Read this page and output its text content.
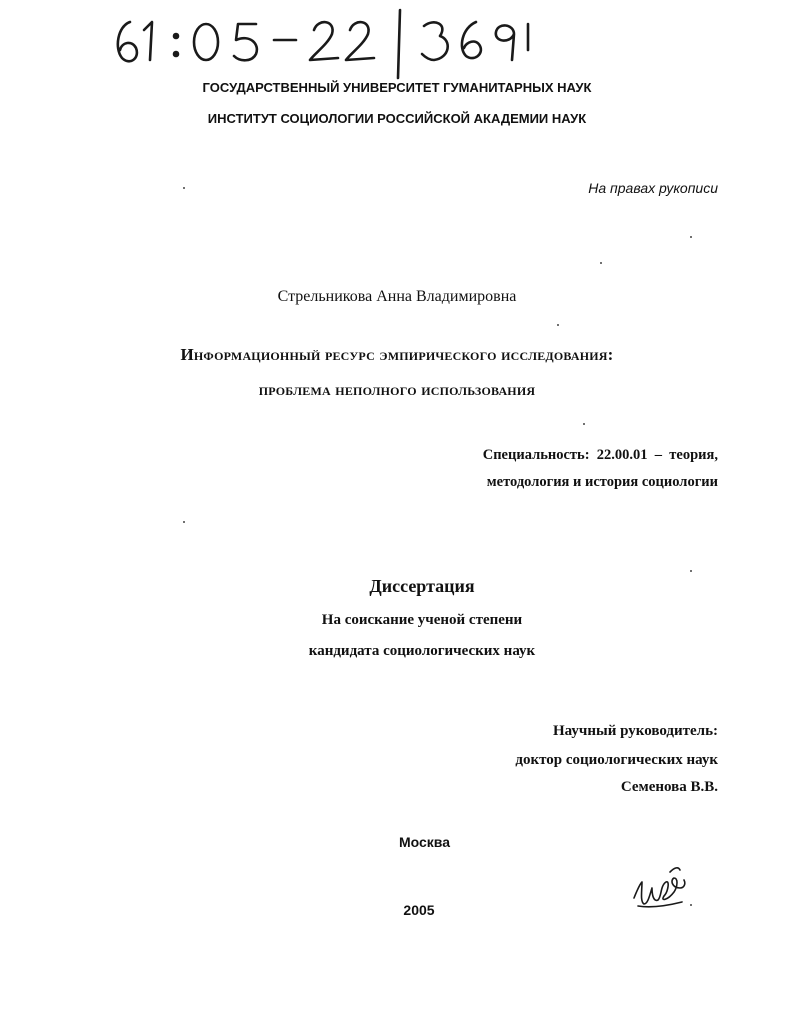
ГОСУДАРСТВЕННЫЙ УНИВЕРСИТЕТ ГУМАНИТАРНЫХ НАУК
ИНСТИТУТ СОЦИОЛОГИИ РОССИЙСКОЙ АКАДЕМИИ НАУК
На правах рукописи
Стрельникова Анна Владимировна
Информационный ресурс эмпирического исследования:
проблема неполного использования
Специальность:  22.00.01  –  теория,
методология и история социологии
Диссертация
На соискание ученой степени
кандидата социологических наук
Научный руководитель:
доктор социологических наук
Семенова В.В.
Москва
2005
